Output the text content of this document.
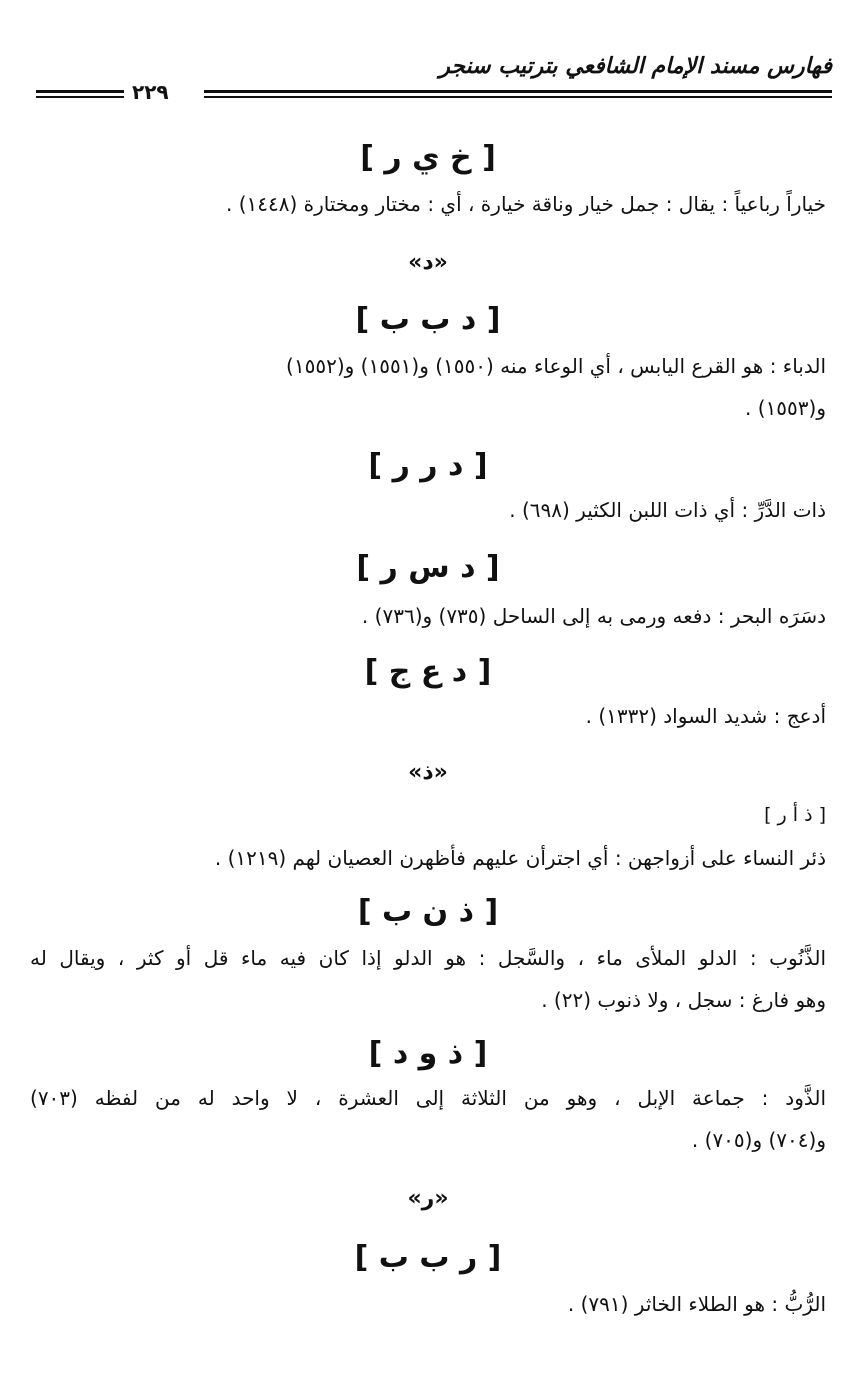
فهارس مسند الإمام الشافعي بترتيب سنجر
٢٢٩
[ خ ي ر ]
خياراً رباعياً : يقال : جمل خيار وناقة خيارة ، أي : مختار ومختارة (١٤٤٨) .
«د»
[ د ب ب ]
الدباء : هو القرع اليابس ، أي الوعاء منه (١٥٥٠) و(١٥٥١) و(١٥٥٢)
و(١٥٥٣) .
[ د ر ر ]
ذات الدَّرِّ : أي ذات اللبن الكثير (٦٩٨) .
[ د س ر ]
دسَرَه البحر : دفعه ورمى به إلى الساحل (٧٣٥) و(٧٣٦) .
[ د ع ج ]
أدعج : شديد السواد (١٣٣٢) .
«ذ»
[ ذ أ ر ]
ذئر النساء على أزواجهن : أي اجترأن عليهم فأظهرن العصيان لهم (١٢١٩) .
[ ذ ن ب ]
الذَّنُوب : الدلو الملأى ماء ، والسَّجل : هو الدلو إذا كان فيه ماء قل أو كثر ، ويقال له
وهو فارغ : سجل ، ولا ذنوب (٢٢) .
[ ذ و د ]
الذَّود : جماعة الإبل ، وهو من الثلاثة إلى العشرة ، لا واحد له من لفظه (٧٠٣)
و(٧٠٤) و(٧٠٥) .
«ر»
[ ر ب ب ]
الرُّبُّ : هو الطلاء الخاثر (٧٩١) .
